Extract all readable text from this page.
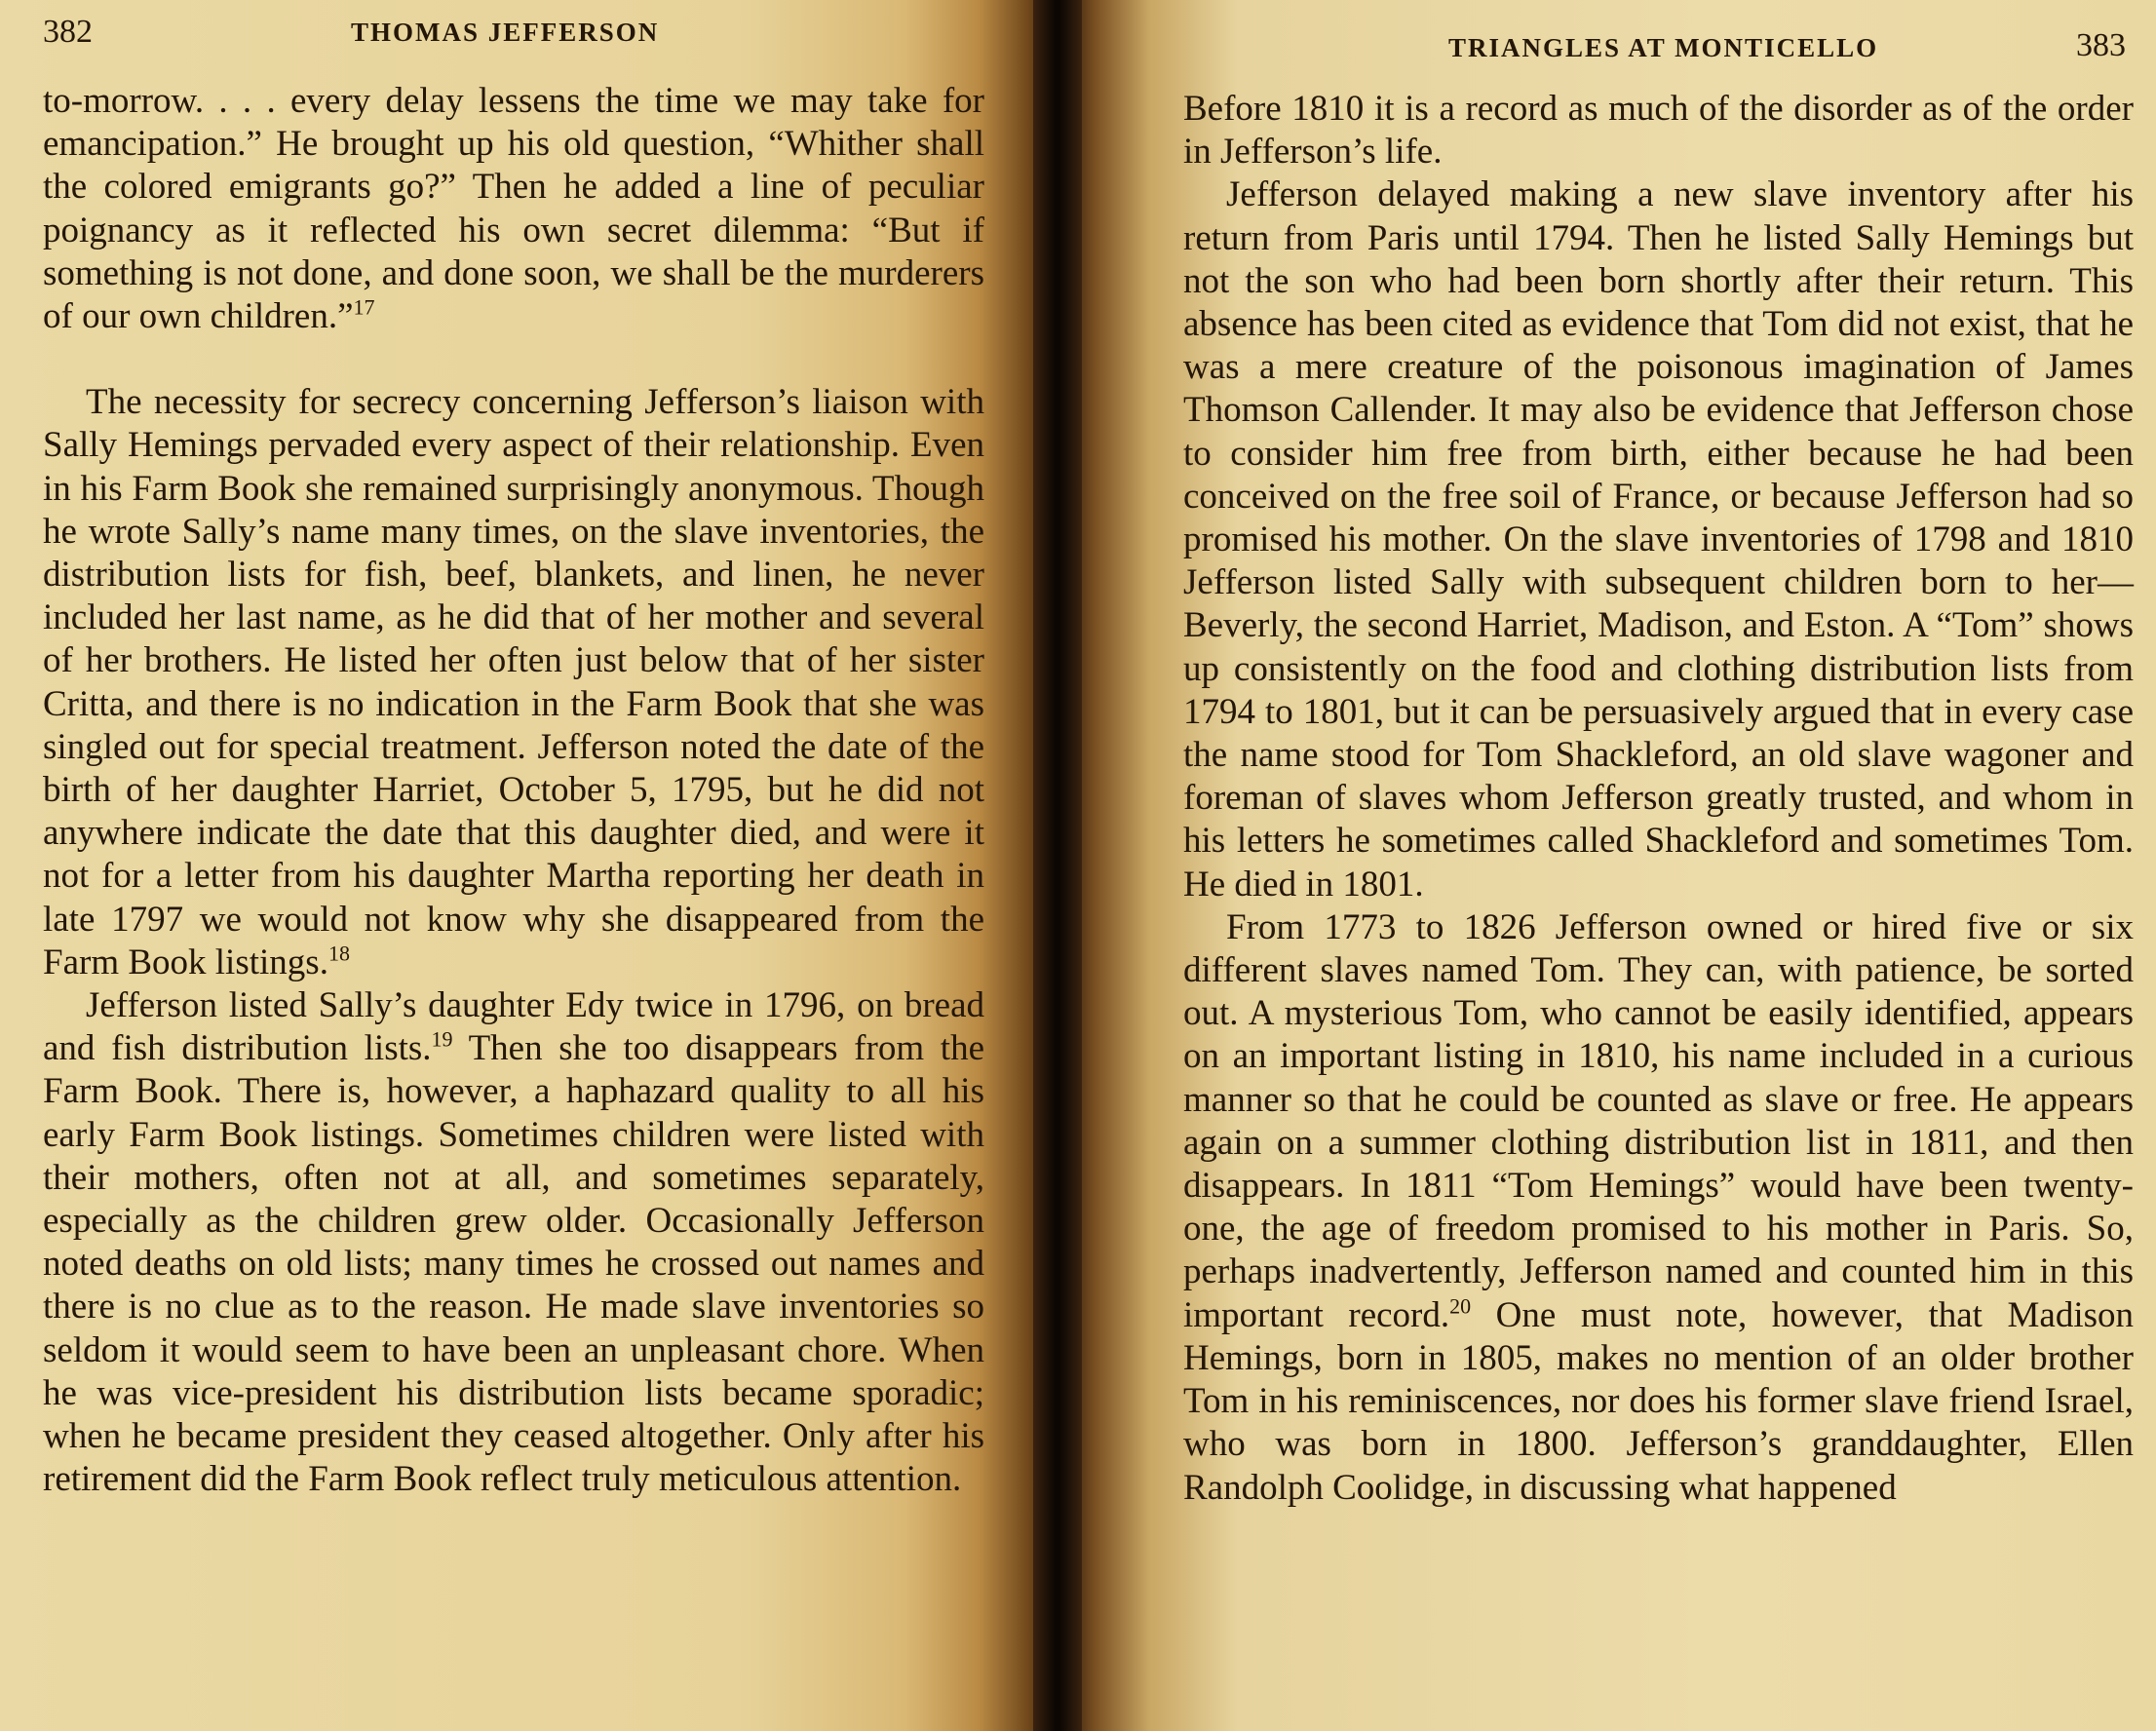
382	THOMAS JEFFERSON

to-morrow. . . . every delay lessens the time we may take for emancipation.” He brought up his old question, “Whither shall the colored emigrants go?” Then he added a line of peculiar poignancy as it reflected his own secret dilemma: “But if something is not done, and done soon, we shall be the murderers of our own children.”$^{17}$

The necessity for secrecy concerning Jefferson’s liaison with Sally Hemings pervaded every aspect of their relationship. Even in his Farm Book she remained surprisingly anonymous. Though he wrote Sally’s name many times, on the slave inventories, the distribution lists for fish, beef, blankets, and linen, he never included her last name, as he did that of her mother and several of her brothers. He listed her often just below that of her sister Critta, and there is no indication in the Farm Book that she was singled out for special treatment. Jefferson noted the date of the birth of her daughter Harriet, October 5, 1795, but he did not anywhere indicate the date that this daughter died, and were it not for a letter from his daughter Martha reporting her death in late 1797 we would not know why she disappeared from the Farm Book listings.$^{18}$

Jefferson listed Sally’s daughter Edy twice in 1796, on bread and fish distribution lists.$^{19}$ Then she too disappears from the Farm Book. There is, however, a haphazard quality to all his early Farm Book listings. Sometimes children were listed with their mothers, often not at all, and sometimes separately, especially as the children grew older. Occasionally Jefferson noted deaths on old lists; many times he crossed out names and there is no clue as to the reason. He made slave inventories so seldom it would seem to have been an unpleasant chore. When he was vice-president his distribution lists became sporadic; when he became president they ceased altogether. Only after his retirement did the Farm Book reflect truly meticulous attention.

TRIANGLES AT MONTICELLO	383

Before 1810 it is a record as much of the disorder as of the order in Jefferson’s life.

Jefferson delayed making a new slave inventory after his return from Paris until 1794. Then he listed Sally Hemings but not the son who had been born shortly after their return. This absence has been cited as evidence that Tom did not exist, that he was a mere creature of the poisonous imagination of James Thomson Callender. It may also be evidence that Jefferson chose to consider him free from birth, either because he had been conceived on the free soil of France, or because Jefferson had so promised his mother. On the slave inventories of 1798 and 1810 Jefferson listed Sally with subsequent children born to her—Beverly, the second Harriet, Madison, and Eston. A “Tom” shows up consistently on the food and clothing distribution lists from 1794 to 1801, but it can be persuasively argued that in every case the name stood for Tom Shackleford, an old slave wagoner and foreman of slaves whom Jefferson greatly trusted, and whom in his letters he sometimes called Shackleford and sometimes Tom. He died in 1801.

From 1773 to 1826 Jefferson owned or hired five or six different slaves named Tom. They can, with patience, be sorted out. A mysterious Tom, who cannot be easily identified, appears on an important listing in 1810, his name included in a curious manner so that he could be counted as slave or free. He appears again on a summer clothing distribution list in 1811, and then disappears. In 1811 “Tom Hemings” would have been twenty-one, the age of freedom promised to his mother in Paris. So, perhaps inadvertently, Jefferson named and counted him in this important record.$^{20}$ One must note, however, that Madison Hemings, born in 1805, makes no mention of an older brother Tom in his reminiscences, nor does his former slave friend Israel, who was born in 1800. Jefferson’s granddaughter, Ellen Randolph Coolidge, in discussing what happened
